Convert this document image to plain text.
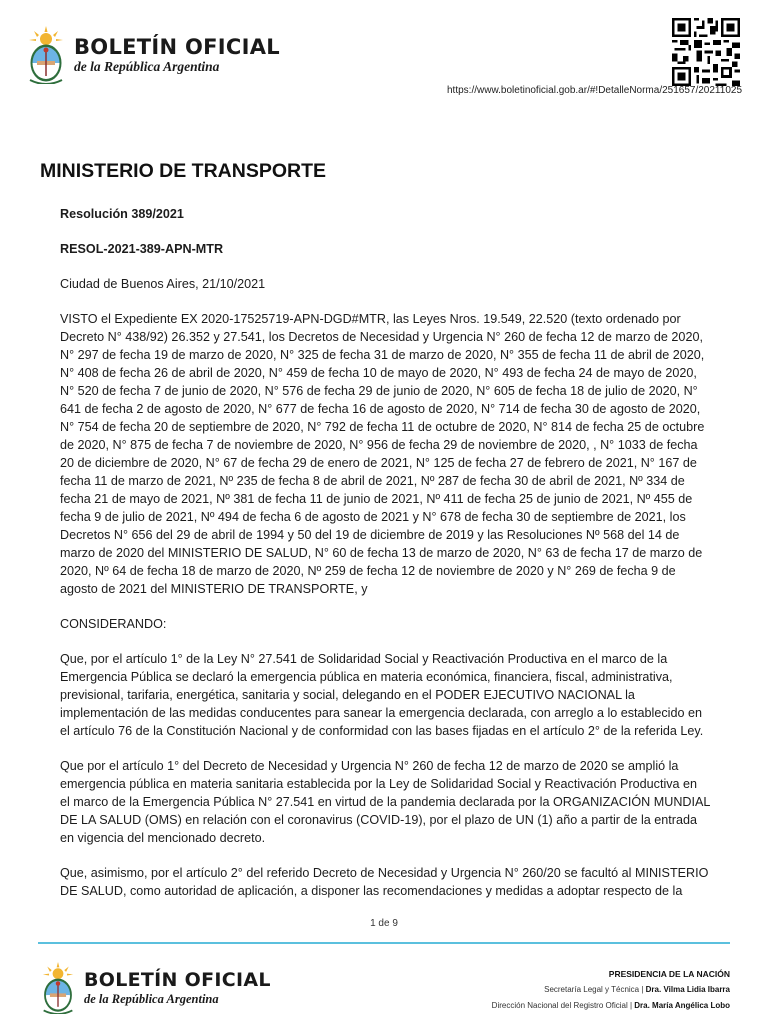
BOLETÍN OFICIAL
de la República Argentina
https://www.boletinoficial.gob.ar/#!DetalleNorma/251657/20211025
MINISTERIO DE TRANSPORTE

Resolución 389/2021

RESOL-2021-389-APN-MTR

Ciudad de Buenos Aires, 21/10/2021

VISTO el Expediente EX 2020-17525719-APN-DGD#MTR, las Leyes Nros. 19.549, 22.520 (texto ordenado por Decreto N° 438/92) 26.352 y 27.541, los Decretos de Necesidad y Urgencia N° 260 de fecha 12 de marzo de 2020, N° 297 de fecha 19 de marzo de 2020, N° 325 de fecha 31 de marzo de 2020, N° 355 de fecha 11 de abril de 2020, N° 408 de fecha 26 de abril de 2020, N° 459 de fecha 10 de mayo de 2020, N° 493 de fecha 24 de mayo de 2020, N° 520 de fecha 7 de junio de 2020, N° 576 de fecha 29 de junio de 2020, N° 605 de fecha 18 de julio de 2020, N° 641 de fecha 2 de agosto de 2020, N° 677 de fecha 16 de agosto de 2020, N° 714 de fecha 30 de agosto de 2020, N° 754 de fecha 20 de septiembre de 2020, N° 792 de fecha 11 de octubre de 2020, N° 814 de fecha 25 de octubre de 2020, N° 875 de fecha 7 de noviembre de 2020, N° 956 de fecha 29 de noviembre de 2020, , N° 1033 de fecha 20 de diciembre de 2020, N° 67 de fecha 29 de enero de 2021, N° 125 de fecha 27 de febrero de 2021, N° 167 de fecha 11 de marzo de 2021, Nº 235 de fecha 8 de abril de 2021, Nº 287 de fecha 30 de abril de 2021, Nº 334 de fecha 21 de mayo de 2021, Nº 381 de fecha 11 de junio de 2021, Nº 411 de fecha 25 de junio de 2021, Nº 455 de fecha 9 de julio de 2021, Nº 494 de fecha 6 de agosto de 2021 y N° 678 de fecha 30 de septiembre de 2021, los Decretos N° 656 del 29 de abril de 1994 y 50 del 19 de diciembre de 2019 y las Resoluciones Nº 568 del 14 de marzo de 2020 del MINISTERIO DE SALUD, N° 60 de fecha 13 de marzo de 2020, N° 63 de fecha 17 de marzo de 2020, Nº 64 de fecha 18 de marzo de 2020, Nº 259 de fecha 12 de noviembre de 2020 y N° 269 de fecha 9 de agosto de 2021 del MINISTERIO DE TRANSPORTE, y

CONSIDERANDO:

Que, por el artículo 1° de la Ley N° 27.541 de Solidaridad Social y Reactivación Productiva en el marco de la Emergencia Pública se declaró la emergencia pública en materia económica, financiera, fiscal, administrativa, previsional, tarifaria, energética, sanitaria y social, delegando en el PODER EJECUTIVO NACIONAL la implementación de las medidas conducentes para sanear la emergencia declarada, con arreglo a lo establecido en el artículo 76 de la Constitución Nacional y de conformidad con las bases fijadas en el artículo 2° de la referida Ley.

Que por el artículo 1° del Decreto de Necesidad y Urgencia N° 260 de fecha 12 de marzo de 2020 se amplió la emergencia pública en materia sanitaria establecida por la Ley de Solidaridad Social y Reactivación Productiva en el marco de la Emergencia Pública N° 27.541 en virtud de la pandemia declarada por la ORGANIZACIÓN MUNDIAL DE LA SALUD (OMS) en relación con el coronavirus (COVID-19), por el plazo de UN (1) año a partir de la entrada en vigencia del mencionado decreto.

Que, asimismo, por el artículo 2° del referido Decreto de Necesidad y Urgencia N° 260/20 se facultó al MINISTERIO DE SALUD, como autoridad de aplicación, a disponer las recomendaciones y medidas a adoptar respecto de la

1 de 9
BOLETÍN OFICIAL
de la República Argentina
PRESIDENCIA DE LA NACIÓN
Secretaría Legal y Técnica | Dra. Vilma Lidia Ibarra
Dirección Nacional del Registro Oficial | Dra. María Angélica Lobo
